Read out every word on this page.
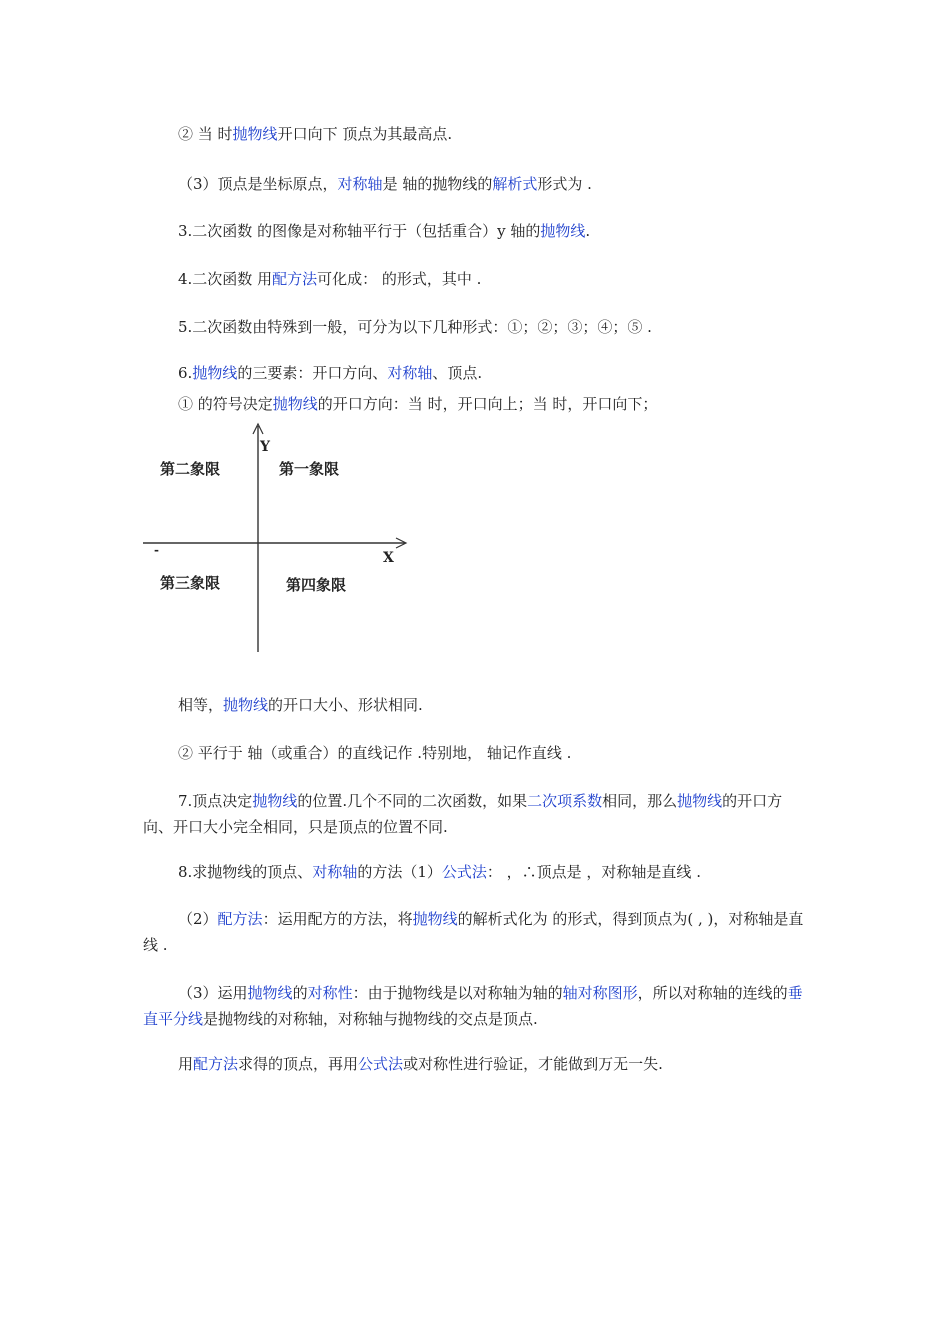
② 当 时抛物线开口向下 顶点为其最高点.
（3）顶点是坐标原点，对称轴是 轴的抛物线的解析式形式为 .
3.二次函数 的图像是对称轴平行于（包括重合）y 轴的抛物线.
4.二次函数 用配方法可化成： 的形式，其中 .
5.二次函数由特殊到一般，可分为以下几种形式：①；②；③；④；⑤ .
6.抛物线的三要素：开口方向、对称轴、顶点.
① 的符号决定抛物线的开口方向：当 时，开口向上；当 时，开口向下；
Y
X
-
第二象限	第一象限
第三象限	第四象限
相等，抛物线的开口大小、形状相同.
② 平行于 轴（或重合）的直线记作 .特别地， 轴记作直线 .
7.顶点决定抛物线的位置.几个不同的二次函数，如果二次项系数相同，那么抛物线的开口方向、开口大小完全相同，只是顶点的位置不同.
8.求抛物线的顶点、对称轴的方法（1）公式法： ，∴顶点是 ，对称轴是直线 .
（2）配方法：运用配方的方法，将抛物线的解析式化为 的形式，得到顶点为( , )，对称轴是直线 .
（3）运用抛物线的对称性：由于抛物线是以对称轴为轴的轴对称图形，所以对称轴的连线的垂直平分线是抛物线的对称轴，对称轴与抛物线的交点是顶点.
用配方法求得的顶点，再用公式法或对称性进行验证，才能做到万无一失.
